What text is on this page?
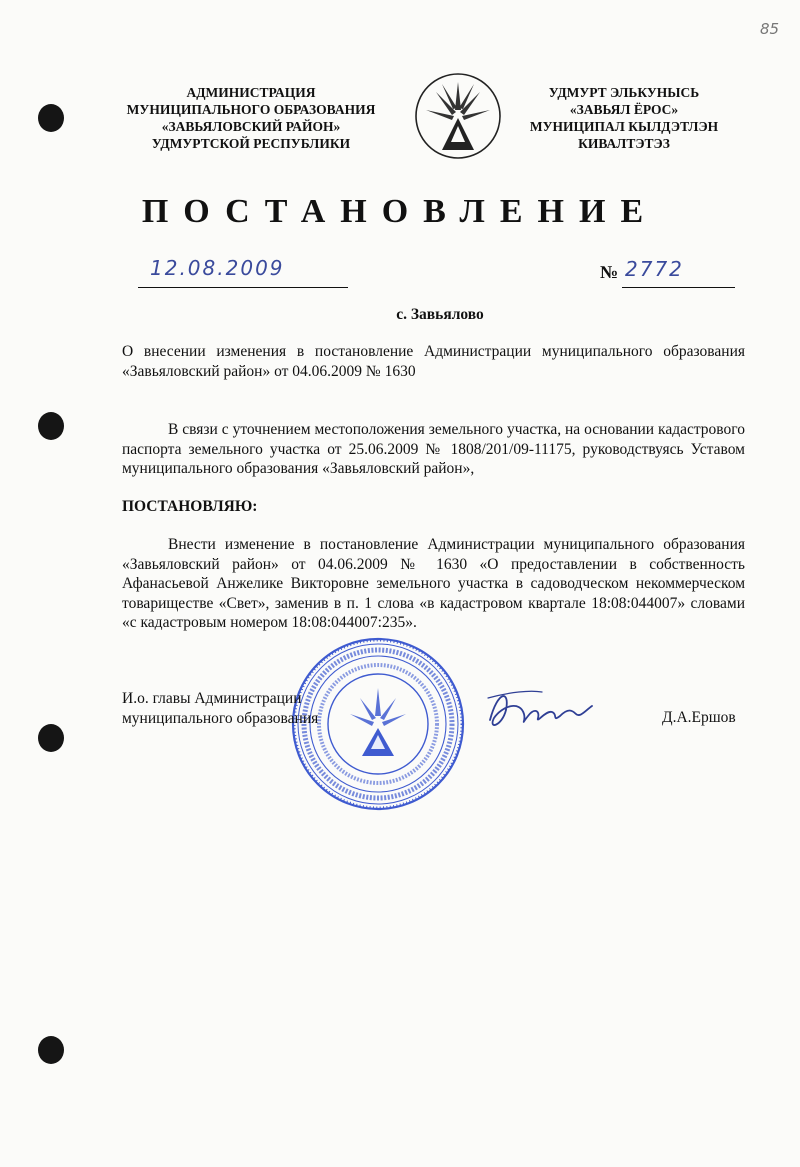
85
АДМИНИСТРАЦИЯ
МУНИЦИПАЛЬНОГО ОБРАЗОВАНИЯ
«ЗАВЬЯЛОВСКИЙ РАЙОН»
УДМУРТСКОЙ РЕСПУБЛИКИ
УДМУРТ ЭЛЬКУНЫСЬ
«ЗАВЬЯЛ ЁРОС»
МУНИЦИПАЛ КЫЛДЭТЛЭН
КИВАЛТЭТЭЗ
ПОСТАНОВЛЕНИЕ
12.08.2009	№ 2772
с. Завьялово
О внесении изменения в постановление Администрации муниципального образования «Завьяловский район» от 04.06.2009 № 1630
В связи с уточнением местоположения земельного участка, на основании кадастрового паспорта земельного участка от 25.06.2009 № 1808/201/09-11175, руководствуясь Уставом муниципального образования «Завьяловский район»,
ПОСТАНОВЛЯЮ:
Внести изменение в постановление Администрации муниципального образования «Завьяловский район» от 04.06.2009 № 1630 «О предоставлении в собственность Афанасьевой Анжелике Викторовне земельного участка в садоводческом некоммерческом товариществе «Свет», заменив в п. 1 слова «в кадастровом квартале 18:08:044007» словами «с кадастровым номером 18:08:044007:235».
И.о. главы Администрации
муниципального образования	Д.А.Ершов
